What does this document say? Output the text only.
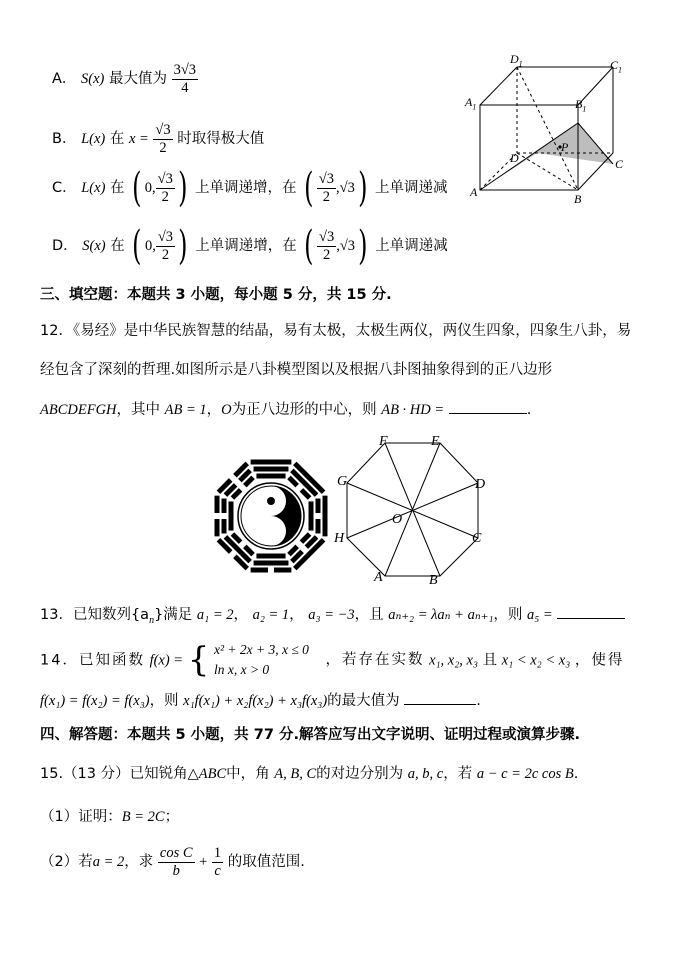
A． S(x) 最大值为 $\frac{3√3}{4}$
B． L(x) 在 $x = \frac{√3}{2}$ 时取得极大值
C． L(x) 在 ( 0, $\frac{√3}{2}$ ) 上单调递增，在 ( $\frac{√3}{2} ,√3$) 上单调递减
D． S(x) 在 ( 0, $\frac{√3}{2}$ ) 上单调递增，在 ( $\frac{√3}{2} ,√3$) 上单调递减
$D_1$	$C_1$
$A_1$	$B_1$
D
P
C
A	B
三、填空题：本题共 3 小题，每小题 5 分，共 15 分.
12．《易经》是中华民族智慧的结晶，易有太极，太极生两仪，两仪生四象，四象生八卦，易
经包含了深刻的哲理.如图所示是八卦模型图以及根据八卦图抽象得到的正八边形
ABCDEFGH，其中 AB = 1，O为正八边形的中心，则 AB · HD =	.
F	E
G	D
O
H	C
A	B
13．已知数列$\{a_n\}$满足 a₁ = 2， a₂ = 1， a₃ = −3，且 aₙ₊₂ = λaₙ + aₙ₊₁，则 a₅ =
14．已知函数 f(x) = { x² + 2x + 3, x ≤ 0
ln x, x > 0
，若存在实数 x₁, x₂, x₃ 且 x₁ < x₂ < x₃ ，使得
f(x₁) = f(x₂) = f(x₃)，则 x₁f(x₁) + x₂f(x₂) + x₃f(x₃)的最大值为	.
四、解答题：本题共 5 小题，共 77 分.解答应写出文字说明、证明过程或演算步骤.
15.（13 分）已知锐角△ABC中，角 A, B, C的对边分别为 a, b, c，若 a − c = 2c cos B.
（1）证明：B = 2C；
（2）若a = 2，求 $\frac{\text{cos C}}{b} + \frac{1}{c}$ 的取值范围.
